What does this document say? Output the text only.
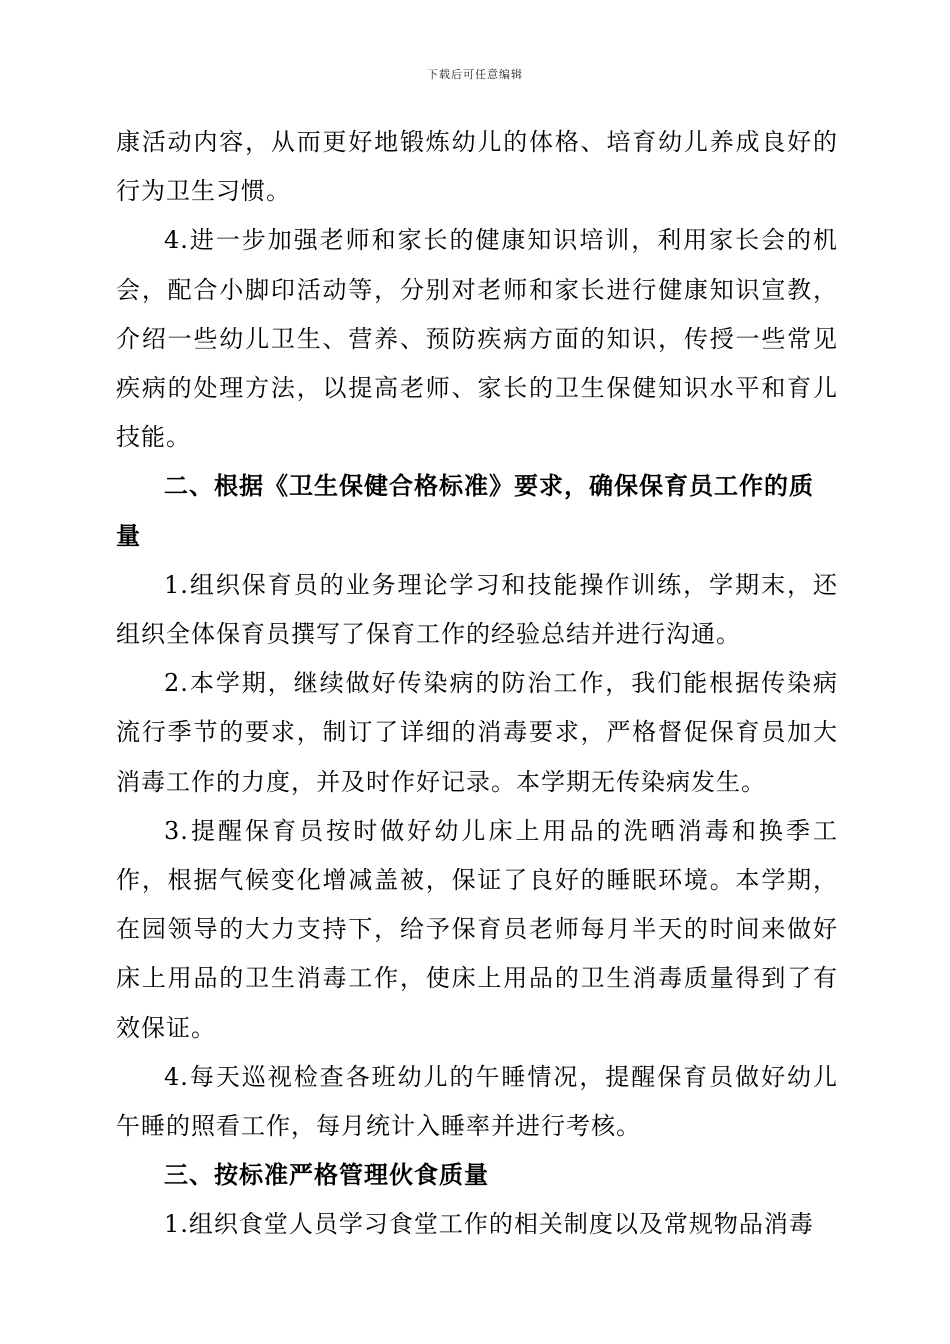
下载后可任意编辑

康活动内容，从而更好地锻炼幼儿的体格、培育幼儿养成良好的行为卫生习惯。

4.进一步加强老师和家长的健康知识培训，利用家长会的机会，配合小脚印活动等，分别对老师和家长进行健康知识宣教，介绍一些幼儿卫生、营养、预防疾病方面的知识，传授一些常见疾病的处理方法，以提高老师、家长的卫生保健知识水平和育儿技能。

二、根据《卫生保健合格标准》要求，确保保育员工作的质量

1.组织保育员的业务理论学习和技能操作训练，学期末，还组织全体保育员撰写了保育工作的经验总结并进行沟通。

2.本学期，继续做好传染病的防治工作，我们能根据传染病流行季节的要求，制订了详细的消毒要求，严格督促保育员加大消毒工作的力度，并及时作好记录。本学期无传染病发生。

3.提醒保育员按时做好幼儿床上用品的洗晒消毒和换季工作，根据气候变化增减盖被，保证了良好的睡眠环境。本学期，在园领导的大力支持下，给予保育员老师每月半天的时间来做好床上用品的卫生消毒工作，使床上用品的卫生消毒质量得到了有效保证。

4.每天巡视检查各班幼儿的午睡情况，提醒保育员做好幼儿午睡的照看工作，每月统计入睡率并进行考核。

三、按标准严格管理伙食质量

1.组织食堂人员学习食堂工作的相关制度以及常规物品消毒
